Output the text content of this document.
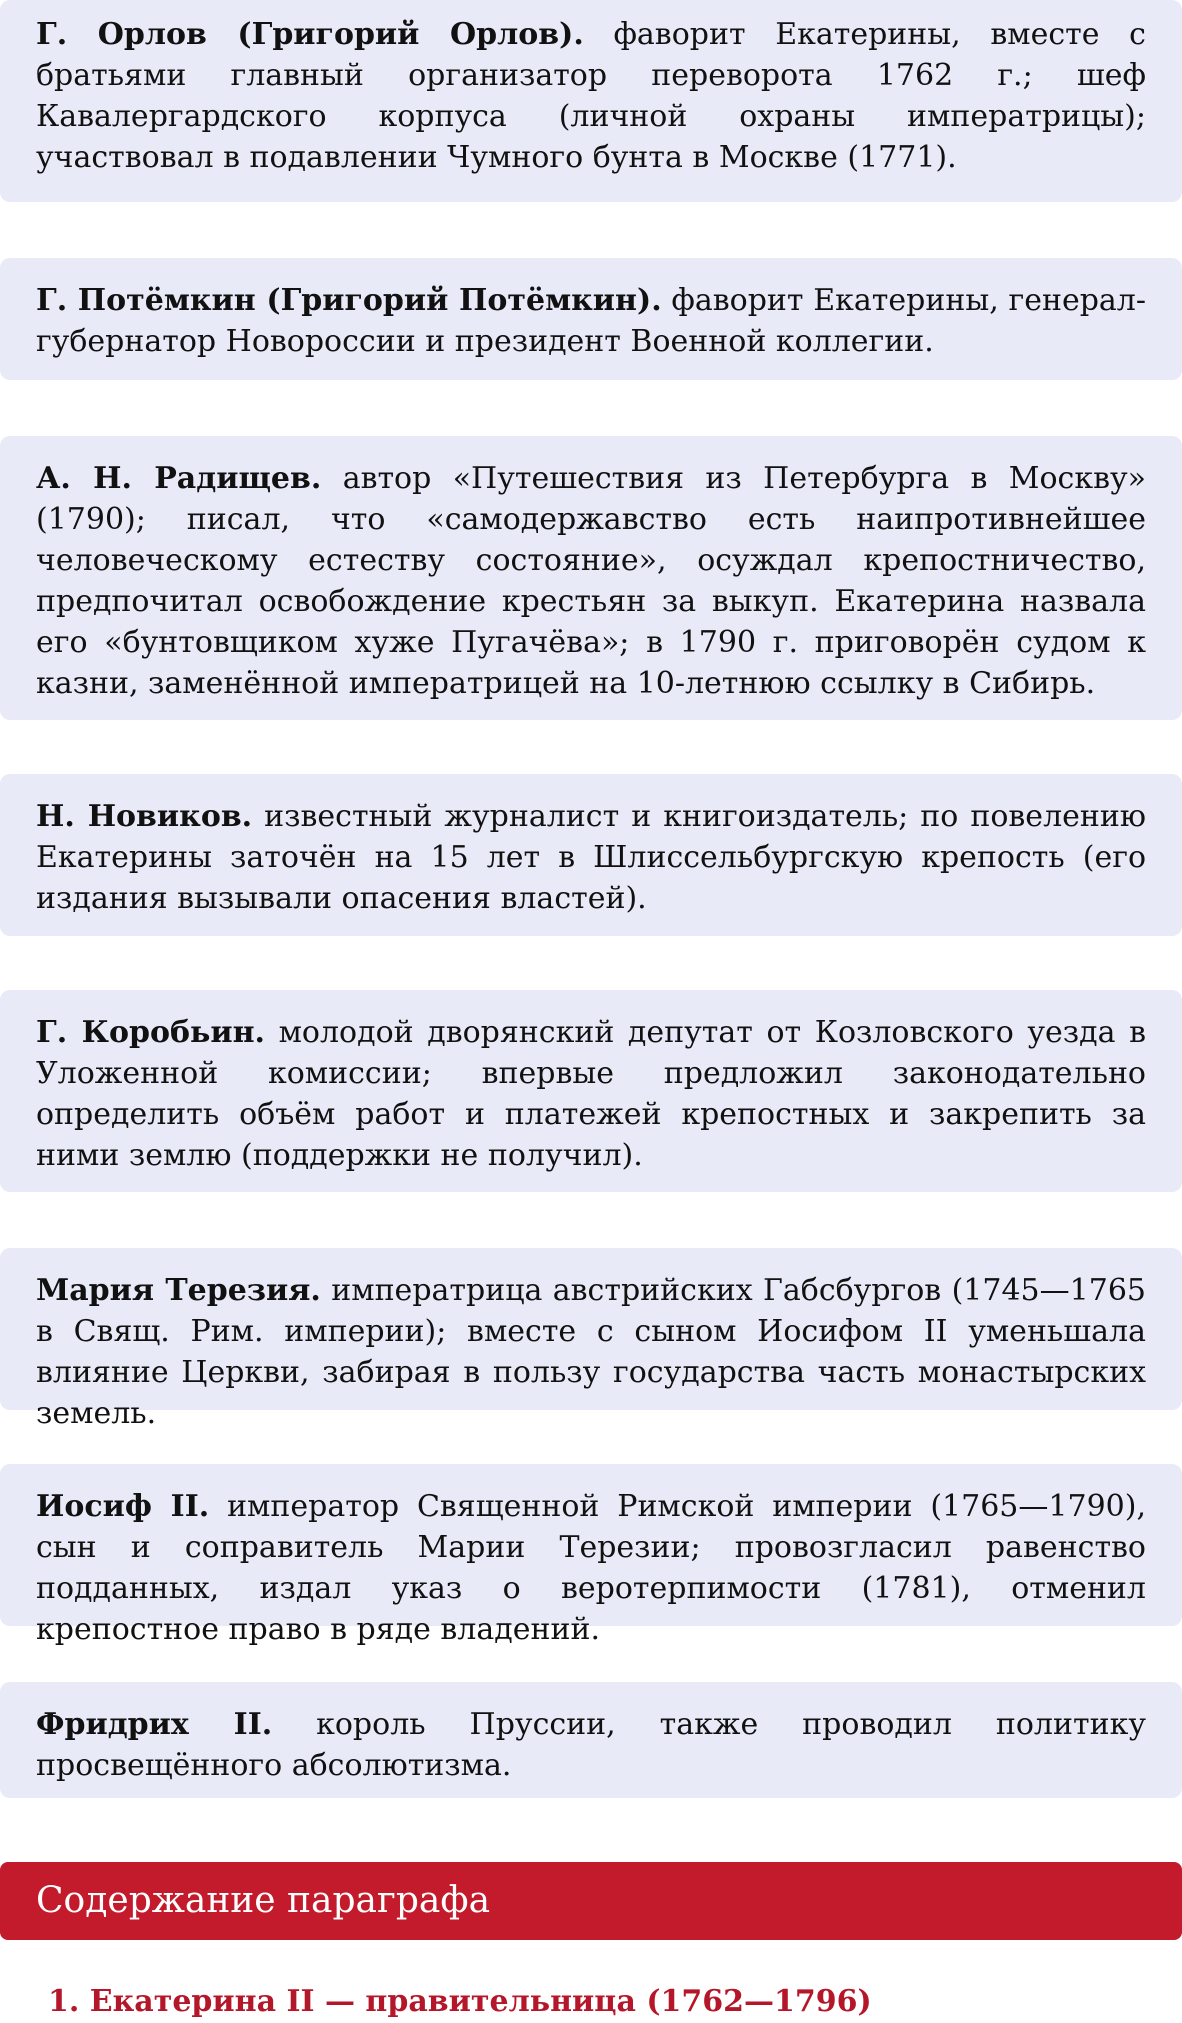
Г. Орлов (Григорий Орлов). фаворит Екатерины, вместе с братьями главный организатор переворота 1762 г.; шеф Кавалергардского корпуса (личной охраны императрицы); участвовал в подавлении Чумного бунта в Москве (1771).

Г. Потёмкин (Григорий Потёмкин). фаворит Екатерины, генерал-губернатор Новороссии и президент Военной коллегии.

А. Н. Радищев. автор «Путешествия из Петербурга в Москву» (1790); писал, что «самодержавство есть наипротивнейшее человеческому естеству состояние», осуждал крепостничество, предпочитал освобождение крестьян за выкуп. Екатерина назвала его «бунтовщиком хуже Пугачёва»; в 1790 г. приговорён судом к казни, заменённой императрицей на 10-летнюю ссылку в Сибирь.

Н. Новиков. известный журналист и книгоиздатель; по повелению Екатерины заточён на 15 лет в Шлиссельбургскую крепость (его издания вызывали опасения властей).

Г. Коробьин. молодой дворянский депутат от Козловского уезда в Уложенной комиссии; впервые предложил законодательно определить объём работ и платежей крепостных и закрепить за ними землю (поддержки не получил).

Мария Терезия. императрица австрийских Габсбургов (1745—1765 в Свящ. Рим. империи); вместе с сыном Иосифом II уменьшала влияние Церкви, забирая в пользу государства часть монастырских земель.

Иосиф II. император Священной Римской империи (1765—1790), сын и соправитель Марии Терезии; провозгласил равенство подданных, издал указ о веротерпимости (1781), отменил крепостное право в ряде владений.

Фридрих II. король Пруссии, также проводил политику просвещённого абсолютизма.

Содержание параграфа
1. Екатерина II — правительница (1762—1796)
